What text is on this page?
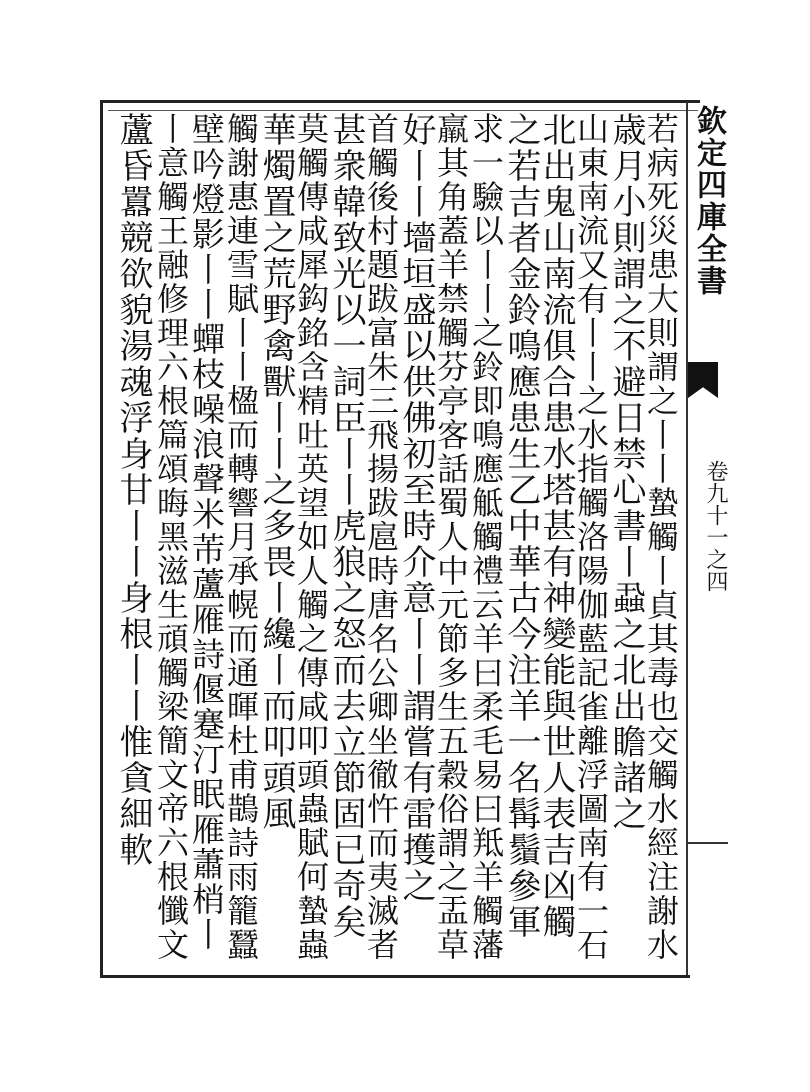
欽定四庫全書
卷九十一之四
若病死災患大則謂之丨丨蟄觸丨貞其毒也交觸水經注謝水
歳月小則謂之不避日禁心書丨蝨之北出瞻諸之
山東南流又有丨丨之水指觸洛陽伽藍記雀離浮圖南有一石
北出鬼山南流俱合患水塔甚有神變能與世人表吉凶觸
之若吉者金鈴鳴應患生乙中華古今注羊一名髯鬚參軍
求一驗以丨丨之鈴即鳴應觝觸禮云羊曰柔毛易曰羝羊觸藩
羸其角蓋羊禁觸芬亭客話蜀人中元節多生五穀俗謂之盂草
好丨丨墻垣盛以供佛初至時介意丨丨謂嘗有雷擭之
首觸後村題跋富朱三飛揚跋扈時唐名公卿坐徹忤而夷滅者
甚衆韓致光以一詞臣丨丨虎狼之怒而去立節固已奇矣
莫觸傳咸犀鈎銘含精吐英望如人觸之傳咸叩頭蟲賦何蟄蟲
華燭置之荒野禽獸丨丨之多畏丨纔丨而叩頭風
觸謝惠連雪賦丨丨楹而轉響月承幌而通暉杜甫鵲詩雨籠蠶
壁吟燈影丨丨蟬枝噪浪聲米芾蘆雁詩偃蹇汀眠雁蕭梢丨
丨意觸王融修理六根篇頌晦黑滋生頑觸梁簡文帝六根懺文
蘆昏囂競欲貌湯魂浮身甘丨丨身根丨丨惟貪細軟
